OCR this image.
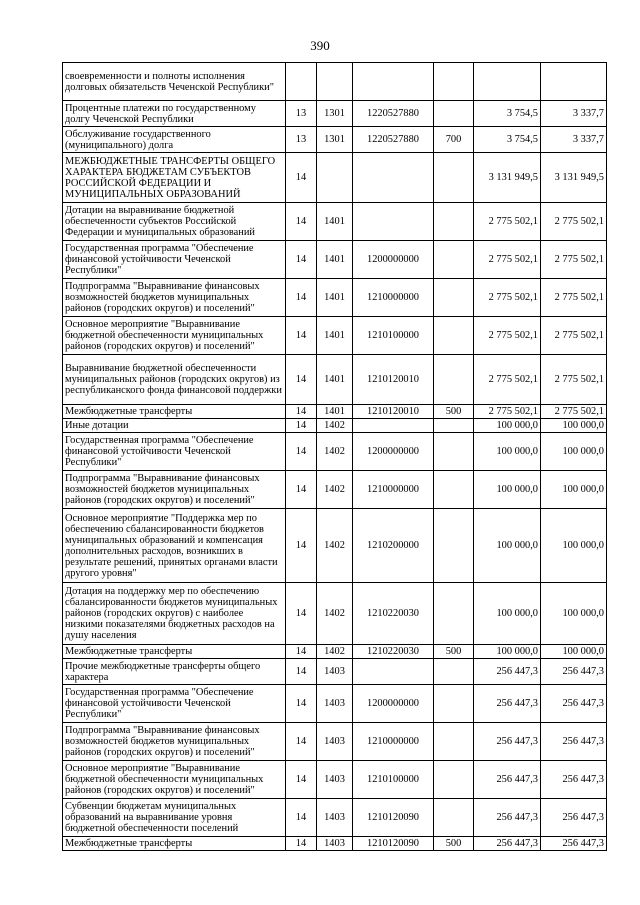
390
своевременности и полноты исполнения долговых обязательств Чеченской Республики"						
Процентные платежи по государственному долгу Чеченской Республики	13	1301	1220527880		3 754,5	3 337,7
Обслуживание государственного (муниципального) долга	13	1301	1220527880	700	3 754,5	3 337,7
МЕЖБЮДЖЕТНЫЕ ТРАНСФЕРТЫ ОБЩЕГО ХАРАКТЕРА БЮДЖЕТАМ СУБЪЕКТОВ РОССИЙСКОЙ ФЕДЕРАЦИИ И МУНИЦИПАЛЬНЫХ ОБРАЗОВАНИЙ	14				3 131 949,5	3 131 949,5
Дотации на выравнивание бюджетной обеспеченности субъектов Российской Федерации и муниципальных образований	14	1401			2 775 502,1	2 775 502,1
Государственная программа "Обеспечение финансовой устойчивости Чеченской Республики"	14	1401	1200000000		2 775 502,1	2 775 502,1
Подпрограмма "Выравнивание финансовых возможностей бюджетов муниципальных районов (городских округов) и поселений"	14	1401	1210000000		2 775 502,1	2 775 502,1
Основное мероприятие "Выравнивание бюджетной обеспеченности муниципальных районов (городских округов) и поселений"	14	1401	1210100000		2 775 502,1	2 775 502,1
Выравнивание бюджетной обеспеченности муниципальных районов (городских округов) из республиканского фонда финансовой поддержки	14	1401	1210120010		2 775 502,1	2 775 502,1
Межбюджетные трансферты	14	1401	1210120010	500	2 775 502,1	2 775 502,1
Иные дотации	14	1402			100 000,0	100 000,0
Государственная программа "Обеспечение финансовой устойчивости Чеченской Республики"	14	1402	1200000000		100 000,0	100 000,0
Подпрограмма "Выравнивание финансовых возможностей бюджетов муниципальных районов (городских округов) и поселений"	14	1402	1210000000		100 000,0	100 000,0
Основное мероприятие "Поддержка мер по обеспечению сбалансированности бюджетов муниципальных образований и компенсация дополнительных расходов, возникших в результате решений, принятых органами власти другого уровня"	14	1402	1210200000		100 000,0	100 000,0
Дотация на поддержку мер по обеспечению сбалансированности бюджетов муниципальных районов (городских округов) с наиболее низкими показателями бюджетных расходов на душу населения	14	1402	1210220030		100 000,0	100 000,0
Межбюджетные трансферты	14	1402	1210220030	500	100 000,0	100 000,0
Прочие межбюджетные трансферты общего характера	14	1403			256 447,3	256 447,3
Государственная программа "Обеспечение финансовой устойчивости Чеченской Республики"	14	1403	1200000000		256 447,3	256 447,3
Подпрограмма "Выравнивание финансовых возможностей бюджетов муниципальных районов (городских округов) и поселений"	14	1403	1210000000		256 447,3	256 447,3
Основное мероприятие "Выравнивание бюджетной обеспеченности муниципальных районов (городских округов) и поселений"	14	1403	1210100000		256 447,3	256 447,3
Субвенции бюджетам муниципальных образований на выравнивание уровня бюджетной обеспеченности поселений	14	1403	1210120090		256 447,3	256 447,3
Межбюджетные трансферты	14	1403	1210120090	500	256 447,3	256 447,3
